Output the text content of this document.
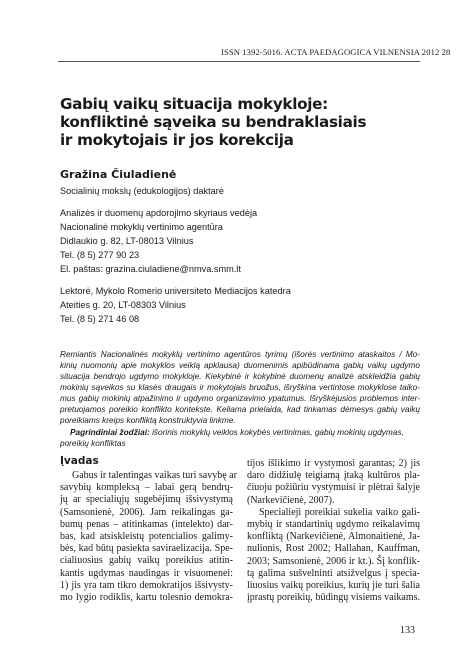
ISSN 1392-5016. ACTA PAEDAGOGICA VILNENSIA 2012 28
Gabių vaikų situacija mokykloje:
konfliktinė sąveika su bendraklasiais
ir mokytojais ir jos korekcija
Gražina Čiuladienė
Socialinių mokslų (edukologijos) daktarė
Analizės ir duomenų apdorojimo skyriaus vedėja
Nacionalinė mokyklų vertinimo agentūra
Didlaukio g. 82, LT-08013 Vilnius
Tel. (8 5) 277 90 23
El. paštas: grazina.ciuladiene@nmva.smm.lt
Lektorė, Mykolo Romerio universiteto Mediacijos katedra
Ateities g. 20, LT-08303 Vilnius
Tel. (8 5) 271 46 08
Remiantis Nacionalinės mokyklų vertinimo agentūros tyrimų (išorės vertinimo ataskaitos / Mo-
kinių nuomonių apie mokyklos veiklą apklausa) duomenimis apibūdinama gabių vaikų ugdymo
situacija bendrojo ugdymo mokykloje. Kiekybinė ir kokybinė duomenų analizė atskleidžia gabių
mokinių sąveikos su klasės draugais ir mokytojais bruožus, išryškina vertintose mokyklose taiko-
mus gabių mokinių atpažinimo ir ugdymo organizavimo ypatumus. Išryškėjusios problemos inter-
pretuojamos poreikio konflikto kontekste. Keliama prielaida, kad tinkamas dėmesys gabių vaikų
poreikiams kreips konfliktą konstruktyvia linkme.
Pagrindiniai žodžiai: išorinis mokyklų veiklos kokybės vertinimas, gabių mokinių ugdymas,
poreikių konfliktas
Įvadas
Gabus ir talentingas vaikas turi savybę ar
savybių kompleksą – labai gerą bendrų-
jų ar specialiųjų sugebėjimų išsivystymą
(Samsonienė, 2006). Jam reikalingas ga-
bumų penas – atitinkamas (intelekto) dar-
bas, kad atsiskleistų potencialios galimy-
bės, kad būtų pasiekta saviraelizacija. Spe-
cialiuosius gabių vaikų poreikius atitin-
kantis ugdymas naudingas ir visuomenei:
1) jis yra tam tikro demokratijos išsivysty-
mo lygio rodiklis, kartu tolesnio demokra-
tijos išlikimo ir vystymosi garantas; 2) jis
daro didžiulę teigiamą įtaką kultūros pla-
čiuoju požiūriu vystymuisi ir plėtrai šalyje
(Narkevičienė, 2007).
Specialieji poreikiai sukelia vaiko gali-
mybių ir standartinių ugdymo reikalavimų
konfliktą (Narkevičienė, Almonaitienė, Ja-
nulionis, Rost 2002; Hallahan, Kauffman,
2003; Samsonienė, 2006 ir kt.). Šį konflik-
tą galima sušvelninti atsižvelgus į specia-
liuosius vaikų poreikius, kurių jie turi šalia
įprastų poreikių, būdingų visiems vaikams.
133
